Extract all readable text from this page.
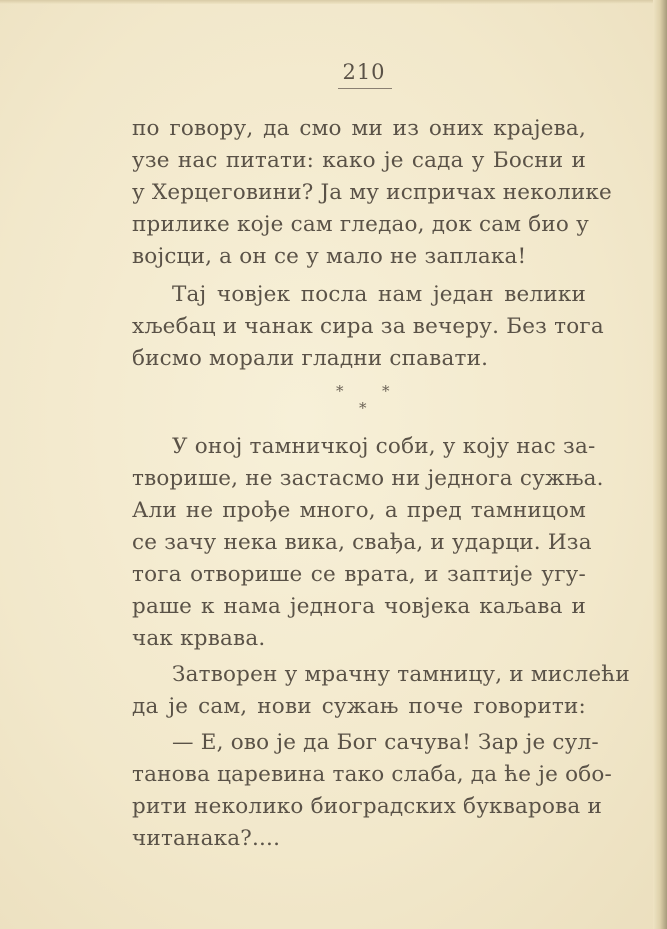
210
по говору, да смо ми из оних крајева,
узе нас питати: како је сада у Босни и
у Херцеговини? Ја му испричах неколике
прилике које сам гледао, док сам био у
војсци, а он се у мало не заплака!
Тај човјек посла нам један велики
хљебац и чанак сира за вечеру. Без тога
бисмо морали гладни спавати.
У оној тамничкој соби, у коју нас за-
творише, не застасмо ни једнога сужња.
Али не прође много, а пред тамницом
се зачу нека вика, свађа, и ударци. Иза
тога отворише се врата, и заптије угу-
раше к нама једнога човјека каљава и
чак крвава.
Затворен у мрачну тамницу, и мислећи
да је сам, нови сужањ поче говорити:
— Е, ово је да Бог сачува! Зар је сул-
танова царевина тако слаба, да ће је обо-
рити неколико биоградских букварова и
читанака?....
*	*
*
